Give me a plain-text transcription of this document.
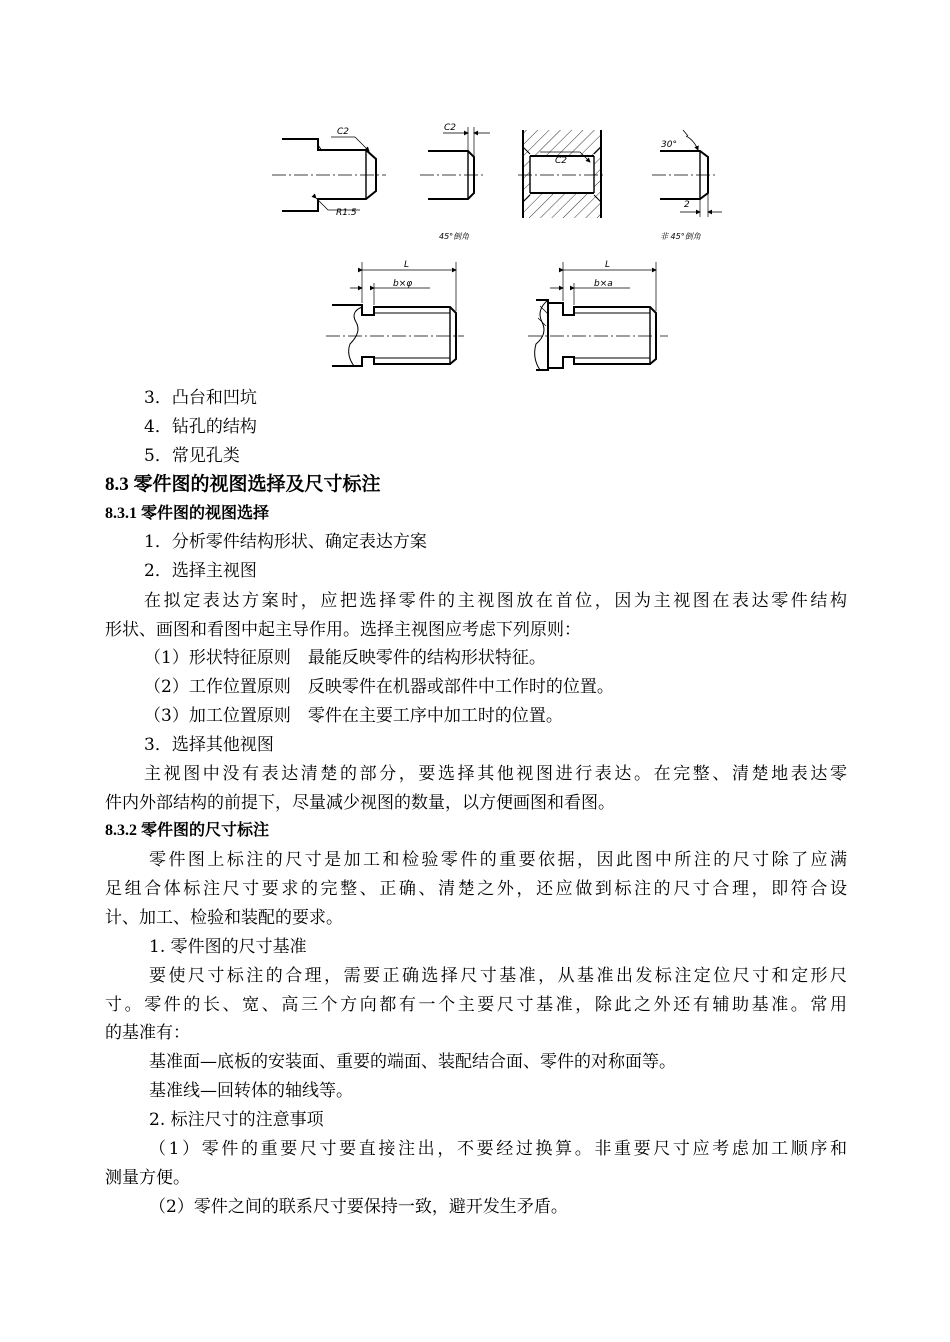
C2
R1.5
C2
45°倒角
C2
30°
2
非 45°倒角
L
b×φ
L
b×a
3．凸台和凹坑
4．钻孔的结构
5．常见孔类
8.3 零件图的视图选择及尺寸标注
8.3.1 零件图的视图选择
1．分析零件结构形状、确定表达方案
2．选择主视图
在拟定表达方案时，应把选择零件的主视图放在首位，因为主视图在表达零件结构
形状、画图和看图中起主导作用。选择主视图应考虑下列原则：
（1）形状特征原则　最能反映零件的结构形状特征。
（2）工作位置原则　反映零件在机器或部件中工作时的位置。
（3）加工位置原则　零件在主要工序中加工时的位置。
3．选择其他视图
主视图中没有表达清楚的部分，要选择其他视图进行表达。在完整、清楚地表达零
件内外部结构的前提下，尽量减少视图的数量，以方便画图和看图。
8.3.2 零件图的尺寸标注
零件图上标注的尺寸是加工和检验零件的重要依据，因此图中所注的尺寸除了应满
足组合体标注尺寸要求的完整、正确、清楚之外，还应做到标注的尺寸合理，即符合设
计、加工、检验和装配的要求。
1. 零件图的尺寸基准
要使尺寸标注的合理，需要正确选择尺寸基准，从基准出发标注定位尺寸和定形尺
寸。零件的长、宽、高三个方向都有一个主要尺寸基准，除此之外还有辅助基准。常用
的基准有：
基准面—底板的安装面、重要的端面、装配结合面、零件的对称面等。
基准线—回转体的轴线等。
2. 标注尺寸的注意事项
（1）零件的重要尺寸要直接注出，不要经过换算。非重要尺寸应考虑加工顺序和
测量方便。
（2）零件之间的联系尺寸要保持一致，避开发生矛盾。
